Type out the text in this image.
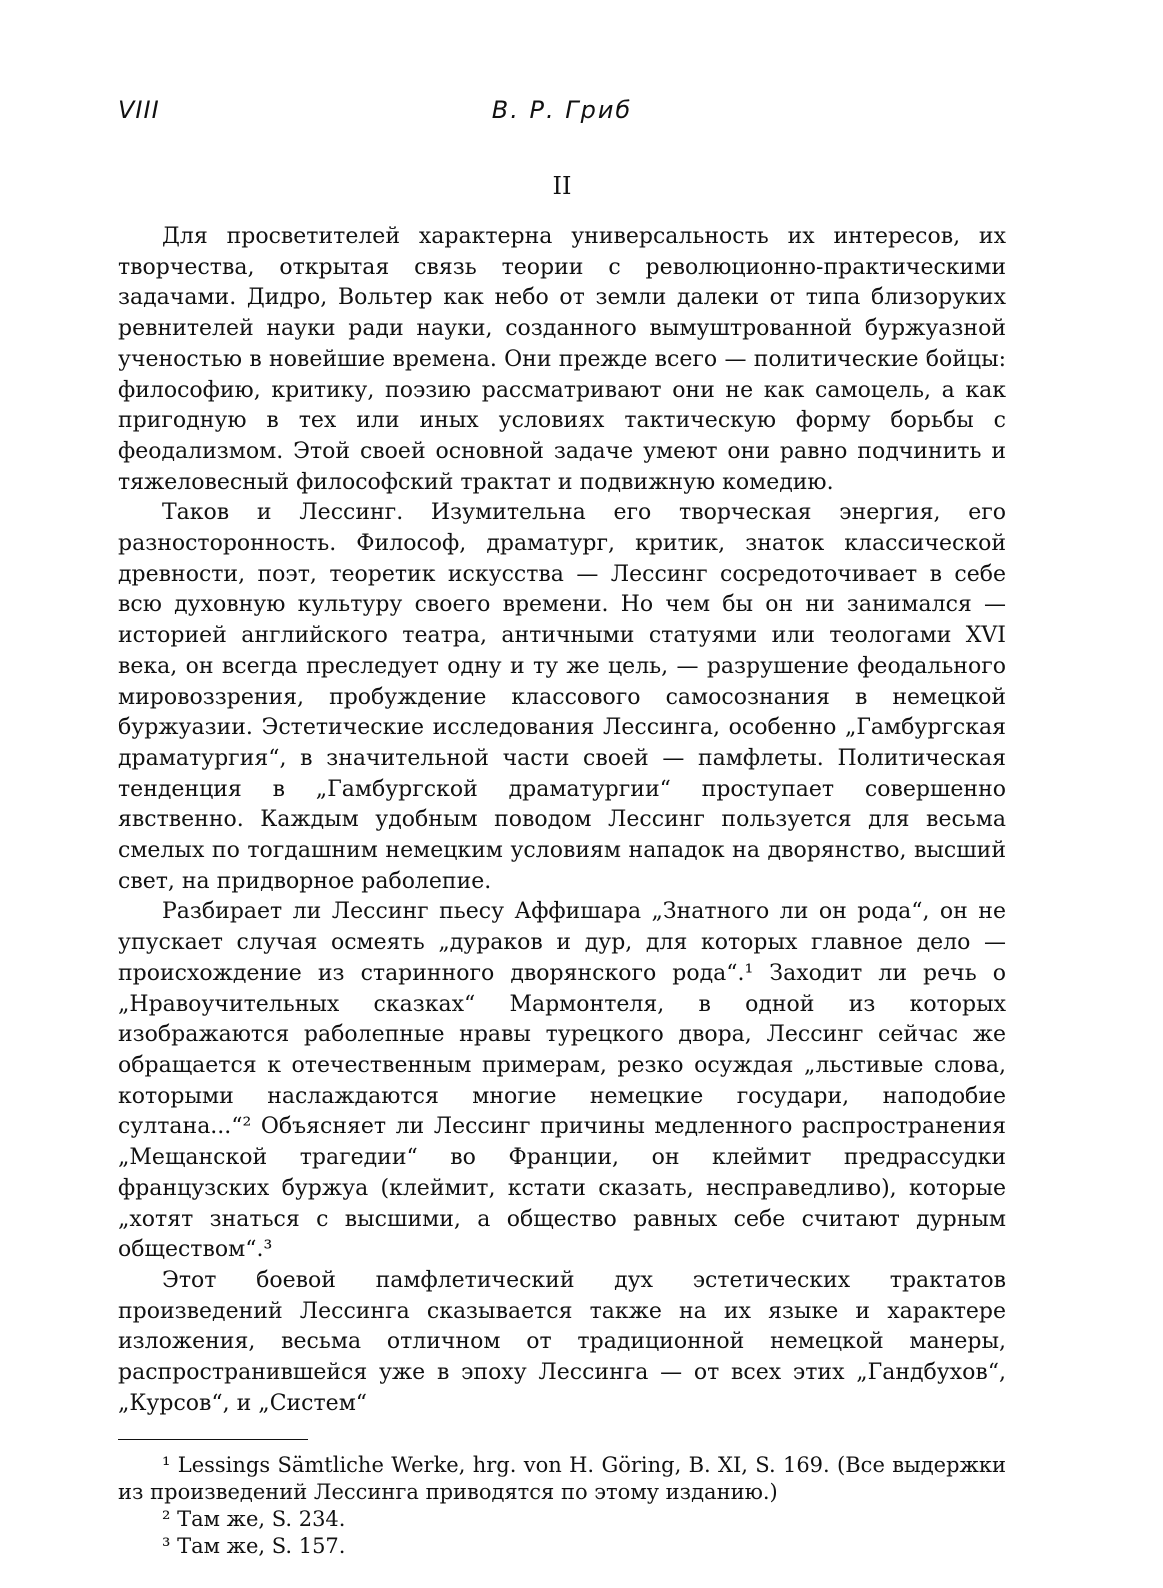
VIII	В. Р. Гриб
II

Для просветителей характерна универсальность их интересов, их творчества, открытая связь теории с революционно-практическими задачами. Дидро, Вольтер как небо от земли далеки от типа близоруких ревнителей науки ради науки, созданного вымуштрованной буржуазной ученостью в новейшие времена. Они прежде всего — политические бойцы: философию, критику, поэзию рассматривают они не как самоцель, а как пригодную в тех или иных условиях тактическую форму борьбы с феодализмом. Этой своей основной задаче умеют они равно подчинить и тяжеловесный философский трактат и подвижную комедию.

Таков и Лессинг. Изумительна его творческая энергия, его разносторонность. Философ, драматург, критик, знаток классической древности, поэт, теоретик искусства — Лессинг сосредоточивает в себе всю духовную культуру своего времени. Но чем бы он ни занимался — историей английского театра, античными статуями или теологами XVI века, он всегда преследует одну и ту же цель, — разрушение феодального мировоззрения, пробуждение классового самосознания в немецкой буржуазии. Эстетические исследования Лессинга, особенно „Гамбургская драматургия“, в значительной части своей — памфлеты. Политическая тенденция в „Гамбургской драматургии“ проступает совершенно явственно. Каждым удобным поводом Лессинг пользуется для весьма смелых по тогдашним немецким условиям нападок на дворянство, высший свет, на придворное раболепие.

Разбирает ли Лессинг пьесу Аффишара „Знатного ли он рода“, он не упускает случая осмеять „дураков и дур, для которых главное дело — происхождение из старинного дворянского рода“.¹ Заходит ли речь о „Нравоучительных сказках“ Мармонтеля, в одной из которых изображаются раболепные нравы турецкого двора, Лессинг сейчас же обращается к отечественным примерам, резко осуждая „льстивые слова, которыми наслаждаются многие немецкие государи, наподобие султана...“² Объясняет ли Лессинг причины медленного распространения „Мещанской трагедии“ во Франции, он клеймит предрассудки французских буржуа (клеймит, кстати сказать, несправедливо), которые „хотят знаться с высшими, а общество равных себе считают дурным обществом“.³

Этот боевой памфлетический дух эстетических трактатов произведений Лессинга сказывается также на их языке и характере изложения, весьма отличном от традиционной немецкой манеры, распространившейся уже в эпоху Лессинга — от всех этих „Гандбухов“, „Курсов“, и „Систем“

¹ Lessings Sämtliche Werke, hrg. von H. Göring, B. XI, S. 169. (Все выдержки из произведений Лессинга приводятся по этому изданию.)

² Там же, S. 234.

³ Там же, S. 157.
